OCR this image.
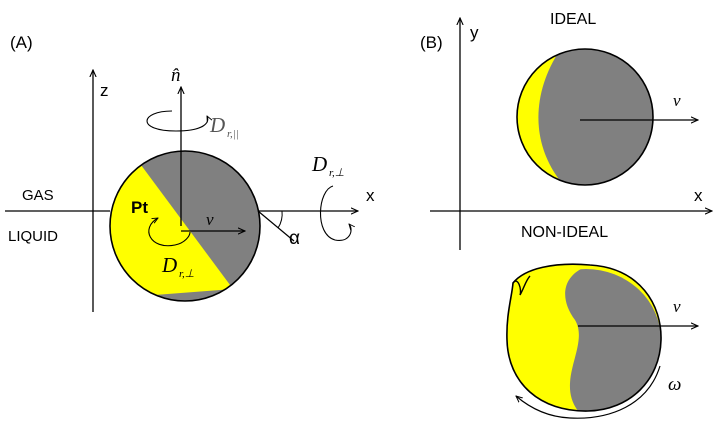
(A)
z
x
GAS
LIQUID
n̂
D r,||
D r,⊥
α
v
Pt
D r,⊥
(B)
y
x
IDEAL
v
NON-IDEAL
v
ω
